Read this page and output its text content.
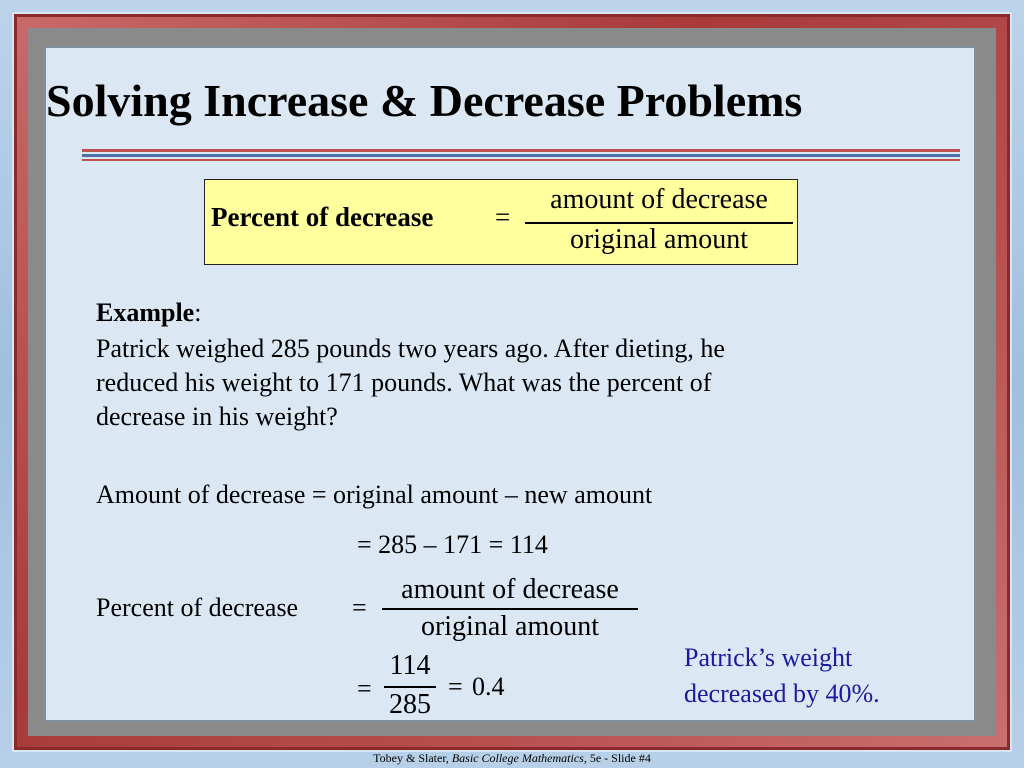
Solving Increase & Decrease Problems
Percent of decrease =
amount of decrease
original amount
Example:
Patrick weighed 285 pounds two years ago. After dieting, he
reduced his weight to 171 pounds. What was the percent of
decrease in his weight?
Amount of decrease = original amount – new amount
= 285 – 171 = 114
Percent of decrease =
amount of decrease
original amount
=
114
285
= 0.4
Patrick’s weight
decreased by 40%.
Tobey & Slater, Basic College Mathematics, 5e - Slide #4
